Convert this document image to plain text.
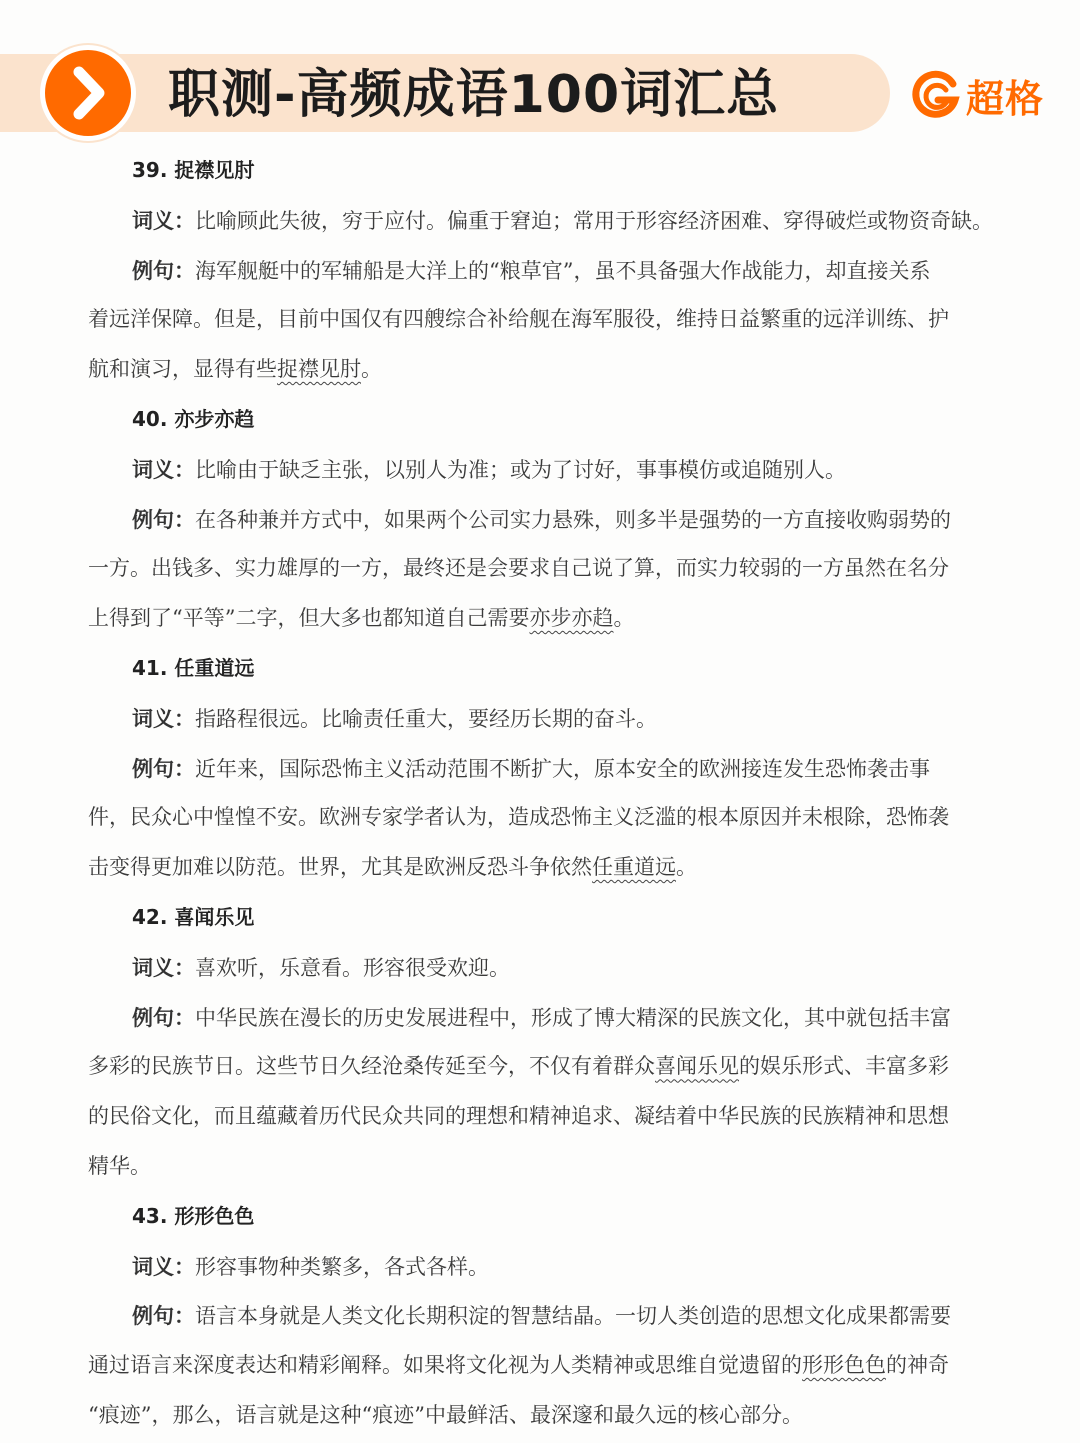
职测-高频成语100词汇总	超格
39. 捉襟见肘
词义：比喻顾此失彼，穷于应付。偏重于窘迫；常用于形容经济困难、穿得破烂或物资奇缺。
例句：海军舰艇中的军辅船是大洋上的“粮草官”，虽不具备强大作战能力，却直接关系
着远洋保障。但是，目前中国仅有四艘综合补给舰在海军服役，维持日益繁重的远洋训练、护
航和演习，显得有些捉襟见肘。
40. 亦步亦趋
词义：比喻由于缺乏主张，以别人为准；或为了讨好，事事模仿或追随别人。
例句：在各种兼并方式中，如果两个公司实力悬殊，则多半是强势的一方直接收购弱势的
一方。出钱多、实力雄厚的一方，最终还是会要求自己说了算，而实力较弱的一方虽然在名分
上得到了“平等”二字，但大多也都知道自己需要亦步亦趋。
41. 任重道远
词义：指路程很远。比喻责任重大，要经历长期的奋斗。
例句：近年来，国际恐怖主义活动范围不断扩大，原本安全的欧洲接连发生恐怖袭击事
件，民众心中惶惶不安。欧洲专家学者认为，造成恐怖主义泛滥的根本原因并未根除，恐怖袭
击变得更加难以防范。世界，尤其是欧洲反恐斗争依然任重道远。
42. 喜闻乐见
词义：喜欢听，乐意看。形容很受欢迎。
例句：中华民族在漫长的历史发展进程中，形成了博大精深的民族文化，其中就包括丰富
多彩的民族节日。这些节日久经沧桑传延至今，不仅有着群众喜闻乐见的娱乐形式、丰富多彩
的民俗文化，而且蕴藏着历代民众共同的理想和精神追求、凝结着中华民族的民族精神和思想
精华。
43. 形形色色
词义：形容事物种类繁多，各式各样。
例句：语言本身就是人类文化长期积淀的智慧结晶。一切人类创造的思想文化成果都需要
通过语言来深度表达和精彩阐释。如果将文化视为人类精神或思维自觉遗留的形形色色的神奇
“痕迹”，那么，语言就是这种“痕迹”中最鲜活、最深邃和最久远的核心部分。
